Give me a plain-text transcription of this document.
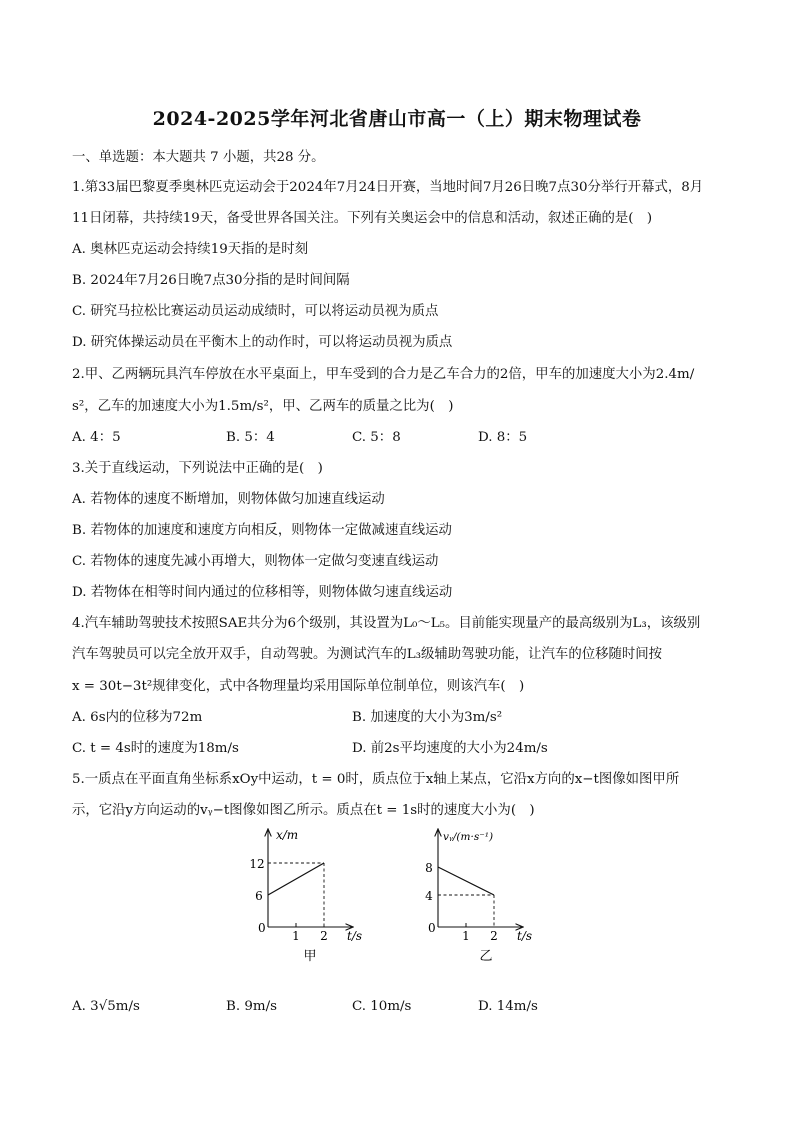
2024-2025学年河北省唐山市高一（上）期末物理试卷
一、单选题：本大题共 7 小题，共28 分。
1.第33届巴黎夏季奥林匹克运动会于2024年7月24日开赛，当地时间7月26日晚7点30分举行开幕式，8月
11日闭幕，共持续19天，备受世界各国关注。下列有关奥运会中的信息和活动，叙述正确的是(　)
A. 奥林匹克运动会持续19天指的是时刻
B. 2024年7月26日晚7点30分指的是时间间隔
C. 研究马拉松比赛运动员运动成绩时，可以将运动员视为质点
D. 研究体操运动员在平衡木上的动作时，可以将运动员视为质点
2.甲、乙两辆玩具汽车停放在水平桌面上，甲车受到的合力是乙车合力的2倍，甲车的加速度大小为2.4m/
s²，乙车的加速度大小为1.5m/s²，甲、乙两车的质量之比为(　)
A. 4：5	B. 5：4	C. 5：8	D. 8：5
3.关于直线运动，下列说法中正确的是(　)
A. 若物体的速度不断增加，则物体做匀加速直线运动
B. 若物体的加速度和速度方向相反，则物体一定做减速直线运动
C. 若物体的速度先减小再增大，则物体一定做匀变速直线运动
D. 若物体在相等时间内通过的位移相等，则物体做匀速直线运动
4.汽车辅助驾驶技术按照SAE共分为6个级别，其设置为L₀～L₅。目前能实现量产的最高级别为L₃，该级别
汽车驾驶员可以完全放开双手，自动驾驶。为测试汽车的L₃级辅助驾驶功能，让汽车的位移随时间按
x = 30t−3t²规律变化，式中各物理量均采用国际单位制单位，则该汽车(　)
A. 6s内的位移为72m	B. 加速度的大小为3m/s²
C. t = 4s时的速度为18m/s	D. 前2s平均速度的大小为24m/s
5.一质点在平面直角坐标系xOy中运动，t = 0时，质点位于x轴上某点，它沿x方向的x−t图像如图甲所
示，它沿y方向运动的vᵧ−t图像如图乙所示。质点在t = 1s时的速度大小为(　)
x/m
t/s
0
6
12
1 2
甲
vᵧ/(m·s⁻¹)
t/s
0
4
8
1 2
乙
A. 3√5m/s	B. 9m/s	C. 10m/s	D. 14m/s
